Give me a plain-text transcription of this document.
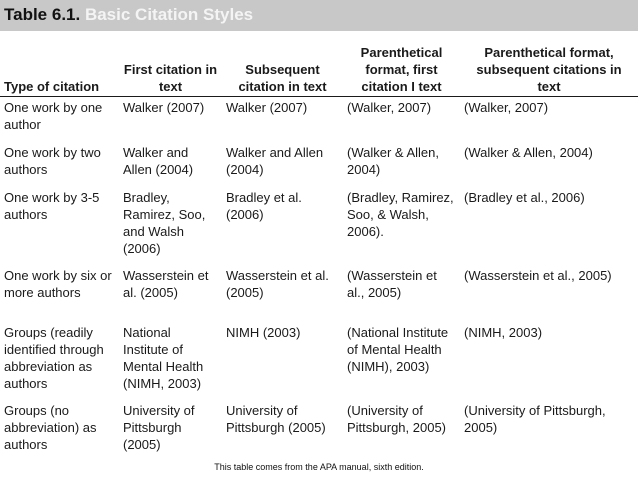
Table 6.1. Basic Citation Styles
Type of citation	First citation in text	Subsequent citation in text	Parenthetical format, first citation I text	Parenthetical format, subsequent citations in text
One work by one author	Walker (2007)	Walker (2007)	(Walker, 2007)	(Walker, 2007)
One work by two authors	Walker and Allen (2004)	Walker and Allen (2004)	(Walker & Allen, 2004)	(Walker & Allen, 2004)
One work by 3-5 authors	Bradley, Ramirez, Soo, and Walsh (2006)	Bradley et al. (2006)	(Bradley, Ramirez, Soo, & Walsh, 2006).	(Bradley et al., 2006)
One work by six or more authors	Wasserstein et al. (2005)	Wasserstein et al. (2005)	(Wasserstein et al., 2005)	(Wasserstein et al., 2005)
Groups (readily identified through abbreviation as authors	National Institute of Mental Health (NIMH, 2003)	NIMH (2003)	(National Institute of Mental Health (NIMH), 2003)	(NIMH, 2003)
Groups (no abbreviation) as authors	University of Pittsburgh (2005)	University of Pittsburgh (2005)	(University of Pittsburgh, 2005)	(University of Pittsburgh, 2005)
This table comes from the APA manual, sixth edition.
